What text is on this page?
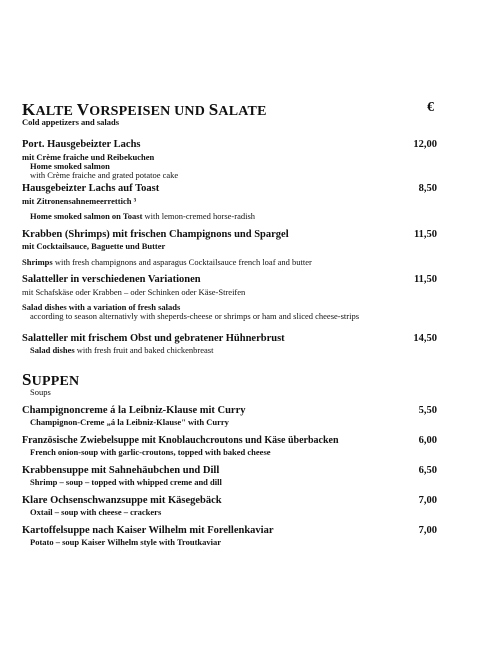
KALTE VORSPEISEN UND SALATE	€
Cold appetizers and salads
Port. Hausgebeizter Lachs	12,00
mit Crème fraiche und Reibekuchen
Home smoked salmon
with Crème fraiche and grated potatoe cake
Hausgebeizter Lachs auf Toast	8,50
mit Zitronensahnemeerrettich ³
Home smoked salmon on Toast with lemon-cremed horse-radish
Krabben (Shrimps) mit frischen Champignons und Spargel	11,50
mit Cocktailsauce, Baguette und Butter
Shrimps with fresh champignons and asparagus Cocktailsauce french loaf and butter
Salatteller in verschiedenen Variationen	11,50
mit Schafskäse oder Krabben – oder Schinken oder Käse-Streifen
Salad dishes with a variation of fresh salads
according to season alternativly with sheperds-cheese or shrimps or ham and sliced cheese-strips
Salatteller mit frischem Obst und gebratener Hühnerbrust	14,50
Salad dishes with fresh fruit and baked chickenbreast
SUPPEN
Soups
Champignoncreme á la Leibniz-Klause mit Curry	5,50
Champignon-Creme „á la Leibniz-Klause" with Curry
Französische Zwiebelsuppe mit Knoblauchcroutons und Käse überbacken	6,00
French onion-soup with garlic-croutons, topped with baked cheese
Krabbensuppe mit Sahnehäubchen und Dill	6,50
Shrimp – soup – topped with whipped creme and dill
Klare Ochsenschwanzsuppe mit Käsegebäck	7,00
Oxtail – soup with cheese – crackers
Kartoffelsuppe nach Kaiser Wilhelm mit Forellenkaviar	7,00
Potato – soup Kaiser Wilhelm style with Troutkaviar
